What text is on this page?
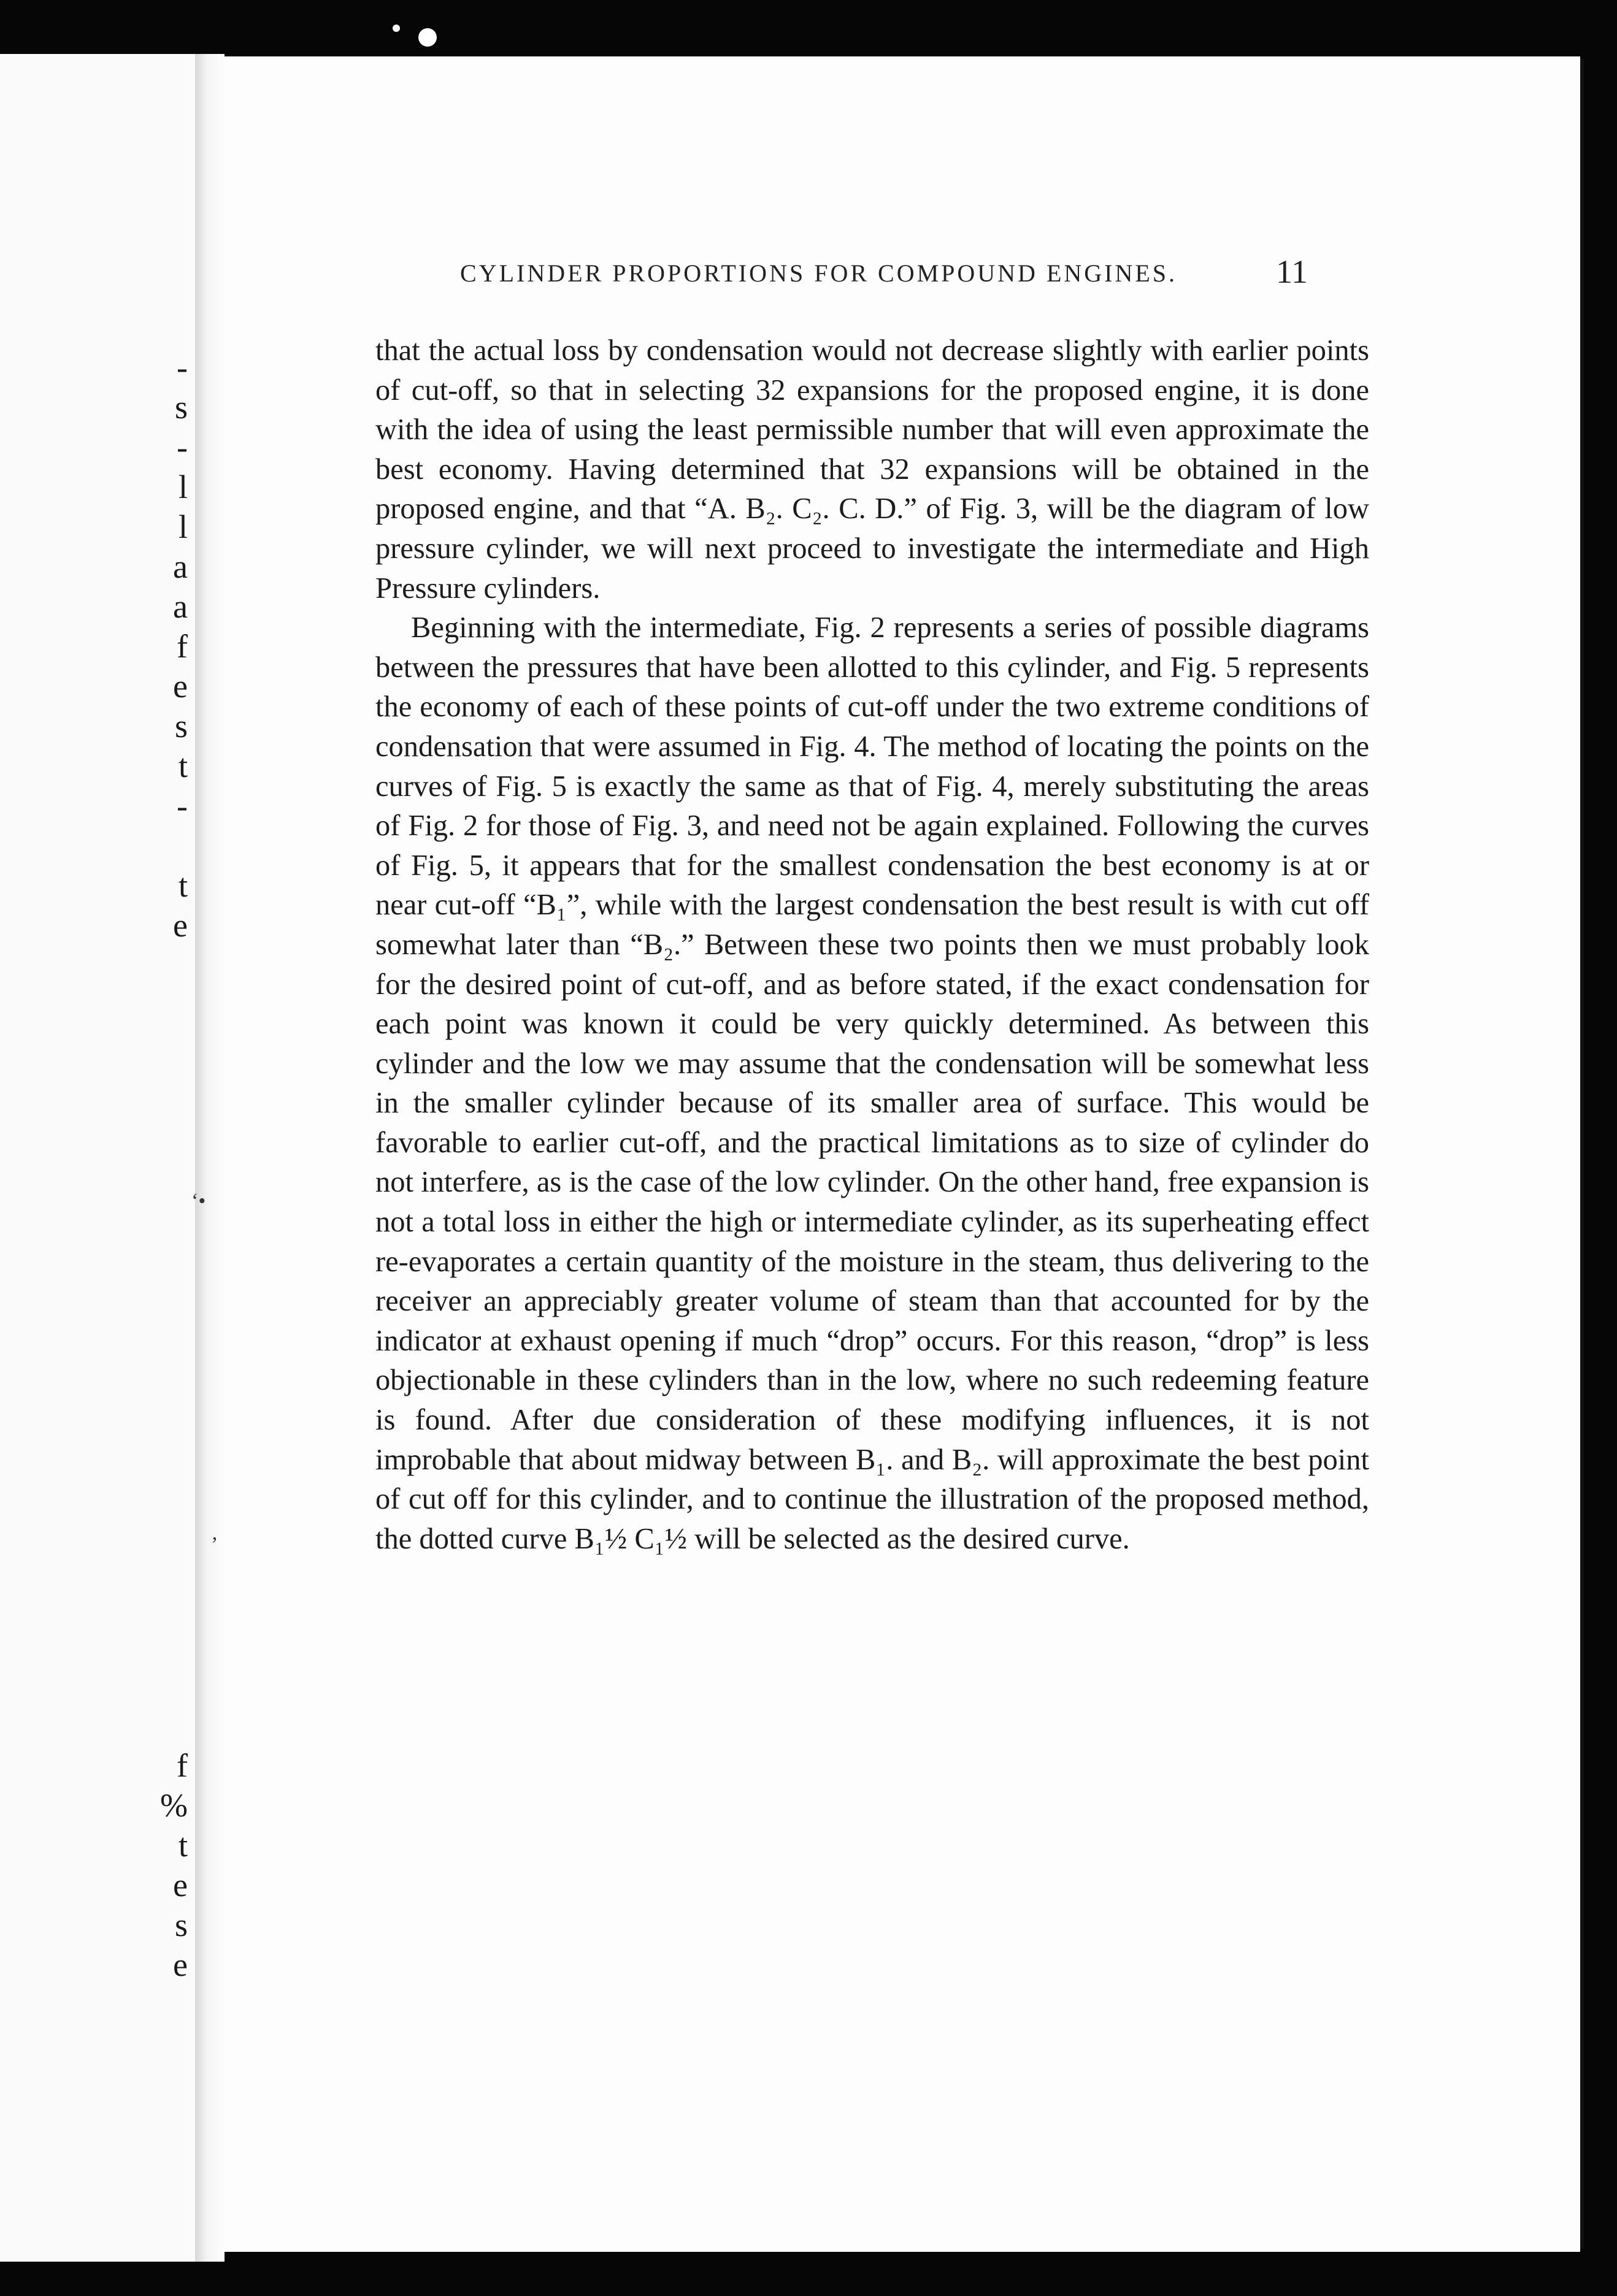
-
s
-
l
l
a
a
f
e
s
t
-
t
e
f
%
t
e
s
e
‘•
’
CYLINDER PROPORTIONS FOR COMPOUND ENGINES.	11

that the actual loss by condensation would not decrease slightly with earlier points of cut-off, so that in selecting 32 expansions for the proposed engine, it is done with the idea of using the least permissible number that will even approximate the best economy. Having determined that 32 expansions will be obtained in the proposed engine, and that “A. B₂. C₂. C. D.” of Fig. 3, will be the diagram of low pressure cylinder, we will next proceed to investigate the intermediate and High Pressure cylinders.

Beginning with the intermediate, Fig. 2 represents a series of possible diagrams between the pressures that have been allotted to this cylinder, and Fig. 5 represents the economy of each of these points of cut-off under the two extreme conditions of condensation that were assumed in Fig. 4. The method of locating the points on the curves of Fig. 5 is exactly the same as that of Fig. 4, merely substituting the areas of Fig. 2 for those of Fig. 3, and need not be again explained. Following the curves of Fig. 5, it appears that for the smallest condensation the best economy is at or near cut-off “B₁”, while with the largest condensation the best result is with cut off somewhat later than “B₂.” Between these two points then we must probably look for the desired point of cut-off, and as before stated, if the exact condensation for each point was known it could be very quickly determined. As between this cylinder and the low we may assume that the condensation will be somewhat less in the smaller cylinder because of its smaller area of surface. This would be favorable to earlier cut-off, and the practical limitations as to size of cylinder do not interfere, as is the case of the low cylinder. On the other hand, free expansion is not a total loss in either the high or intermediate cylinder, as its superheating effect re-evaporates a certain quantity of the moisture in the steam, thus delivering to the receiver an appreciably greater volume of steam than that accounted for by the indicator at exhaust opening if much “drop” occurs. For this reason, “drop” is less objectionable in these cylinders than in the low, where no such redeeming feature is found. After due consideration of these modifying influences, it is not improbable that about midway between B₁. and B₂. will approximate the best point of cut off for this cylinder, and to continue the illustration of the proposed method, the dotted curve B₁½ C₁½ will be selected as the desired curve.
